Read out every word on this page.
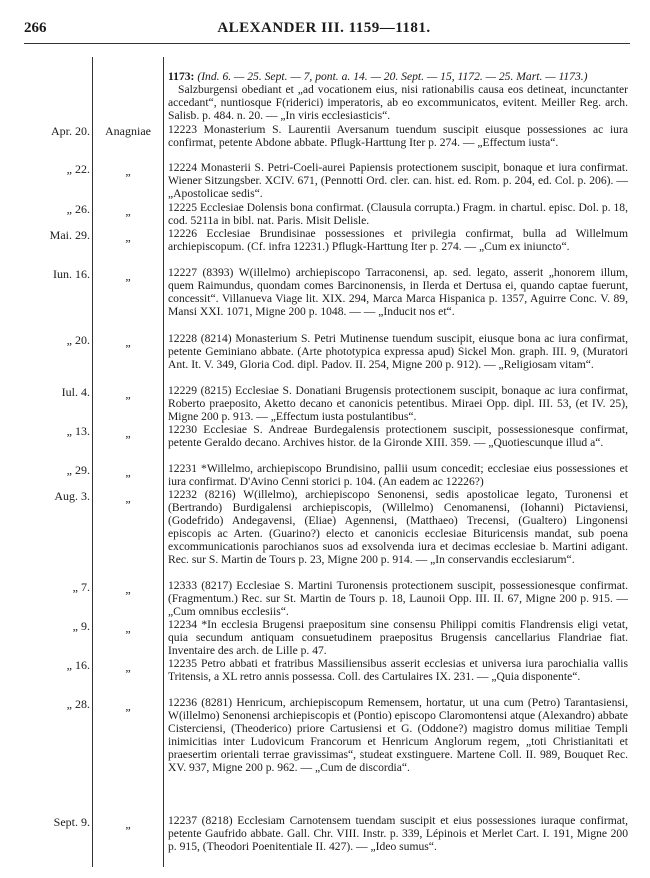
266	ALEXANDER III. 1159—1181.

1173: (Ind. 6. — 25. Sept. — 7, pont. a. 14. — 20. Sept. — 15, 1172. — 25. Mart. — 1173.)

Salzburgensi obediant et „ad vocationem eius, nisi rationabilis causa eos detineat, incunctanter accedant“, nuntiosque F(riderici) imperatoris, ab eo excommunicatos, evitent. Meiller Reg. arch. Salisb. p. 484. n. 20. — „In viris ecclesiasticis“.

Apr. 20.	Anagniae	12223 Monasterium S. Laurentii Aversanum tuendum suscipit eiusque possessiones ac iura confirmat, petente Abdone abbate. Pflugk-Harttung Iter p. 274. — „Effectum iusta“.
„ 22.	„	12224 Monasterii S. Petri-Coeli-aurei Papiensis protectionem suscipit, bonaque et iura confirmat. Wiener Sitzungsber. XCIV. 671, (Pennotti Ord. cler. can. hist. ed. Rom. p. 204, ed. Col. p. 206). — „Apostolicae sedis“.
„ 26.	„	12225 Ecclesiae Dolensis bona confirmat. (Clausula corrupta.) Fragm. in chartul. episc. Dol. p. 18, cod. 5211a in bibl. nat. Paris. Misit Delisle.
Mai. 29.	„	12226 Ecclesiae Brundisinae possessiones et privilegia confirmat, bulla ad Willelmum archiepiscopum. (Cf. infra 12231.) Pflugk-Harttung Iter p. 274. — „Cum ex iniuncto“.
Iun. 16.	„	12227 (8393) W(illelmo) archiepiscopo Tarraconensi, ap. sed. legato, asserit „honorem illum, quem Raimundus, quondam comes Barcinonensis, in Ilerda et Dertusa ei, quando captae fuerunt, concessit“. Villanueva Viage lit. XIX. 294, Marca Marca Hispanica p. 1357, Aguirre Conc. V. 89, Mansi XXI. 1071, Migne 200 p. 1048. — — „Inducit nos et“.
„ 20.	„	12228 (8214) Monasterium S. Petri Mutinense tuendum suscipit, eiusque bona ac iura confirmat, petente Geminiano abbate. (Arte phototypica expressa apud) Sickel Mon. graph. III. 9, (Muratori Ant. It. V. 349, Gloria Cod. dipl. Padov. II. 254, Migne 200 p. 912). — „Religiosam vitam“.
Iul. 4.	„	12229 (8215) Ecclesiae S. Donatiani Brugensis protectionem suscipit, bonaque ac iura confirmat, Roberto praeposito, Aketto decano et canonicis petentibus. Miraei Opp. dipl. III. 53, (et IV. 25), Migne 200 p. 913. — „Effectum iusta postulantibus“.
„ 13.	„	12230 Ecclesiae S. Andreae Burdegalensis protectionem suscipit, possessionesque confirmat, petente Geraldo decano. Archives histor. de la Gironde XIII. 359. — „Quotiescunque illud a“.
„ 29.	„	12231 *Willelmo, archiepiscopo Brundisino, pallii usum concedit; ecclesiae eius possessiones et iura confirmat. D'Avino Cenni storici p. 104. (An eadem ac 12226?)
Aug. 3.	„	12232 (8216) W(illelmo), archiepiscopo Senonensi, sedis apostolicae legato, Turonensi et (Bertrando) Burdigalensi archiepiscopis, (Willelmo) Cenomanensi, (Iohanni) Pictaviensi, (Godefrido) Andegavensi, (Eliae) Agennensi, (Matthaeo) Trecensi, (Gualtero) Lingonensi episcopis ac Arten. (Guarino?) electo et canonicis ecclesiae Bituricensis mandat, sub poena excommunicationis parochianos suos ad exsolvenda iura et decimas ecclesiae b. Martini adigant. Rec. sur S. Martin de Tours p. 23, Migne 200 p. 914. — „In conservandis ecclesiarum“.
„ 7.	„	12333 (8217) Ecclesiae S. Martini Turonensis protectionem suscipit, possessionesque confirmat. (Fragmentum.) Rec. sur St. Martin de Tours p. 18, Launoii Opp. III. II. 67, Migne 200 p. 915. — „Cum omnibus ecclesiis“.
„ 9.	„	12234 *In ecclesia Brugensi praepositum sine consensu Philippi comitis Flandrensis eligi vetat, quia secundum antiquam consuetudinem praepositus Brugensis cancellarius Flandriae fiat. Inventaire des arch. de Lille p. 47.
„ 16.	„	12235 Petro abbati et fratribus Massiliensibus asserit ecclesias et universa iura parochialia vallis Tritensis, a XL retro annis possessa. Coll. des Cartulaires IX. 231. — „Quia disponente“.
„ 28.	„	12236 (8281) Henricum, archiepiscopum Remensem, hortatur, ut una cum (Petro) Tarantasiensi, W(illelmo) Senonensi archiepiscopis et (Pontio) episcopo Claromontensi atque (Alexandro) abbate Cisterciensi, (Theoderico) priore Cartusiensi et G. (Oddone?) magistro domus militiae Templi inimicitias inter Ludovicum Francorum et Henricum Anglorum regem, „toti Christianitati et praesertim orientali terrae gravissimas“, studeat exstinguere. Martene Coll. II. 989, Bouquet Rec. XV. 937, Migne 200 p. 962. — „Cum de discordia“.
Sept. 9.	„	12237 (8218) Ecclesiam Carnotensem tuendam suscipit et eius possessiones iuraque confirmat, petente Gaufrido abbate. Gall. Chr. VIII. Instr. p. 339, Lépinois et Merlet Cart. I. 191, Migne 200 p. 915, (Theodori Poenitentiale II. 427). — „Ideo sumus“.
